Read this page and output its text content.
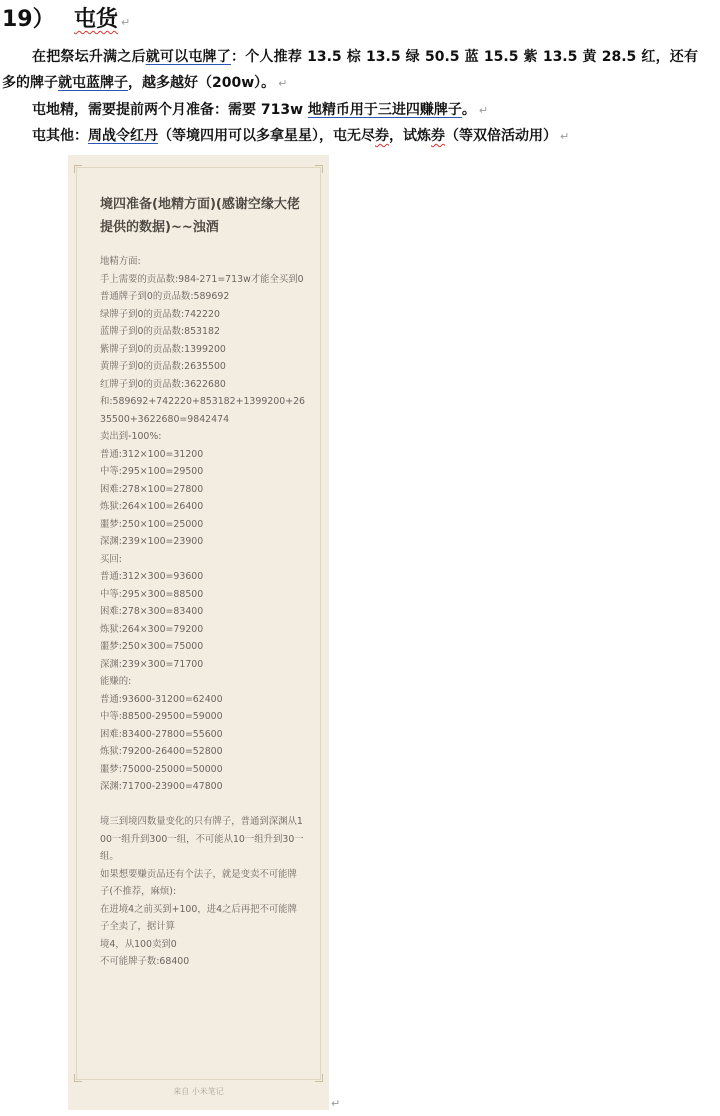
19） 屯货 ↵
在把祭坛升满之后就可以屯牌了：个人推荐 13.5 棕 13.5 绿 50.5 蓝 15.5 紫 13.5 黄 28.5 红，还有多的牌子就屯蓝牌子，越多越好（200w）。 ↵
屯地精，需要提前两个月准备：需要 713w 地精币用于三进四赚牌子。 ↵
屯其他：周战令红丹（等境四用可以多拿星星），屯无尽券，试炼券（等双倍活动用） ↵
境四准备(地精方面)(感谢空缘大佬提供的数据)~~浊酒
地精方面:
手上需要的贡品数:984-271=713w才能全买到0
普通牌子到0的贡品数:589692
绿牌子到0的贡品数:742220
蓝牌子到0的贡品数:853182
紫牌子到0的贡品数:1399200
黄牌子到0的贡品数:2635500
红牌子到0的贡品数:3622680
和:589692+742220+853182+1399200+2635500+3622680=9842474
卖出到-100%:
普通:312×100=31200
中等:295×100=29500
困难:278×100=27800
炼狱:264×100=26400
噩梦:250×100=25000
深渊:239×100=23900
买回:
普通:312×300=93600
中等:295×300=88500
困难:278×300=83400
炼狱:264×300=79200
噩梦:250×300=75000
深渊:239×300=71700
能赚的:
普通:93600-31200=62400
中等:88500-29500=59000
困难:83400-27800=55600
炼狱:79200-26400=52800
噩梦:75000-25000=50000
深渊:71700-23900=47800
境三到境四数量变化的只有牌子，普通到深渊从100一组升到300一组，不可能从10一组升到30一组。
如果想要赚贡品还有个法子，就是变卖不可能牌子(不推荐，麻烦):
在进境4之前买到+100，进4之后再把不可能牌子全卖了，据计算
境4，从100卖到0
不可能牌子数:68400
来自 小米笔记
↵
